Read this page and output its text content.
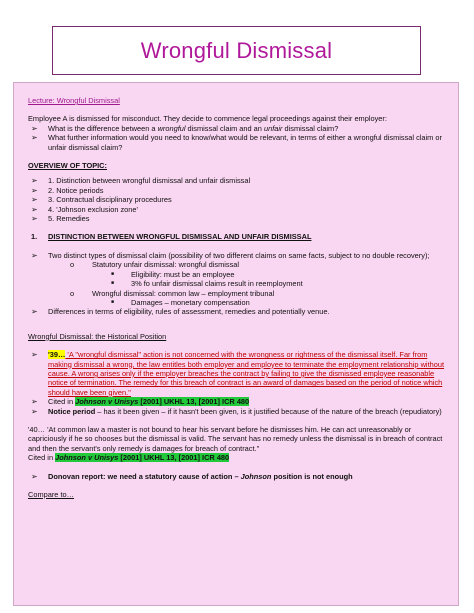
Wrongful Dismissal

Lecture: Wrongful Dismissal

Employee A is dismissed for misconduct. They decide to commence legal proceedings against their employer:

➢ What is the difference between a wrongful dismissal claim and an unfair dismissal claim?

➢ What further information would you need to know/what would be relevant, in terms of either a wrongful dismissal claim or unfair dismissal claim?

OVERVIEW OF TOPIC:

➢ 1. Distinction between wrongful dismissal and unfair dismissal

➢ 2. Notice periods

➢ 3. Contractual disciplinary procedures

➢ 4. 'Johnson exclusion zone'

➢ 5. Remedies

1. DISTINCTION BETWEEN WRONGFUL DISMISSAL AND UNFAIR DISMISSAL

➢ Two distinct types of dismissal claim (possibility of two different claims on same facts, subject to no double recovery);

o Statutory unfair dismissal: wrongful dismissal

■ Eligibility: must be an employee

■ 3% fo unfair dismissal claims result in reemployment

o Wrongful dismissal: common law – employment tribunal

■ Damages – monetary compensation

➢ Differences in terms of eligibility, rules of assessment, remedies and potentially venue.

Wrongful Dismissal: the Historical Position

➢ '39… 'A "wrongful dismissal" action is not concerned with the wrongness or rightness of the dismissal itself. Far from making dismissal a wrong, the law entitles both employer and employee to terminate the employment relationship without cause. A wrong arises only if the employer breaches the contract by failing to give the dismissed employee reasonable notice of termination. The remedy for this breach of contract is an award of damages based on the period of notice which should have been given.''

➢ Cited in Johnson v Unisys [2001] UKHL 13, [2001] ICR 480

➢ Notice period – has it been given – if it hasn't been given, is it justified because of the nature of the breach (repudiatory)

'40… 'At common law a master is not bound to hear his servant before he dismisses him. He can act unreasonably or capriciously if he so chooses but the dismissal is valid. The servant has no remedy unless the dismissal is in breach of contract and then the servant's only remedy is damages for breach of contract.''

Cited in Johnson v Unisys [2001] UKHL 13, [2001] ICR 480

➢ Donovan report: we need a statutory cause of action – Johnson position is not enough

Compare to…
